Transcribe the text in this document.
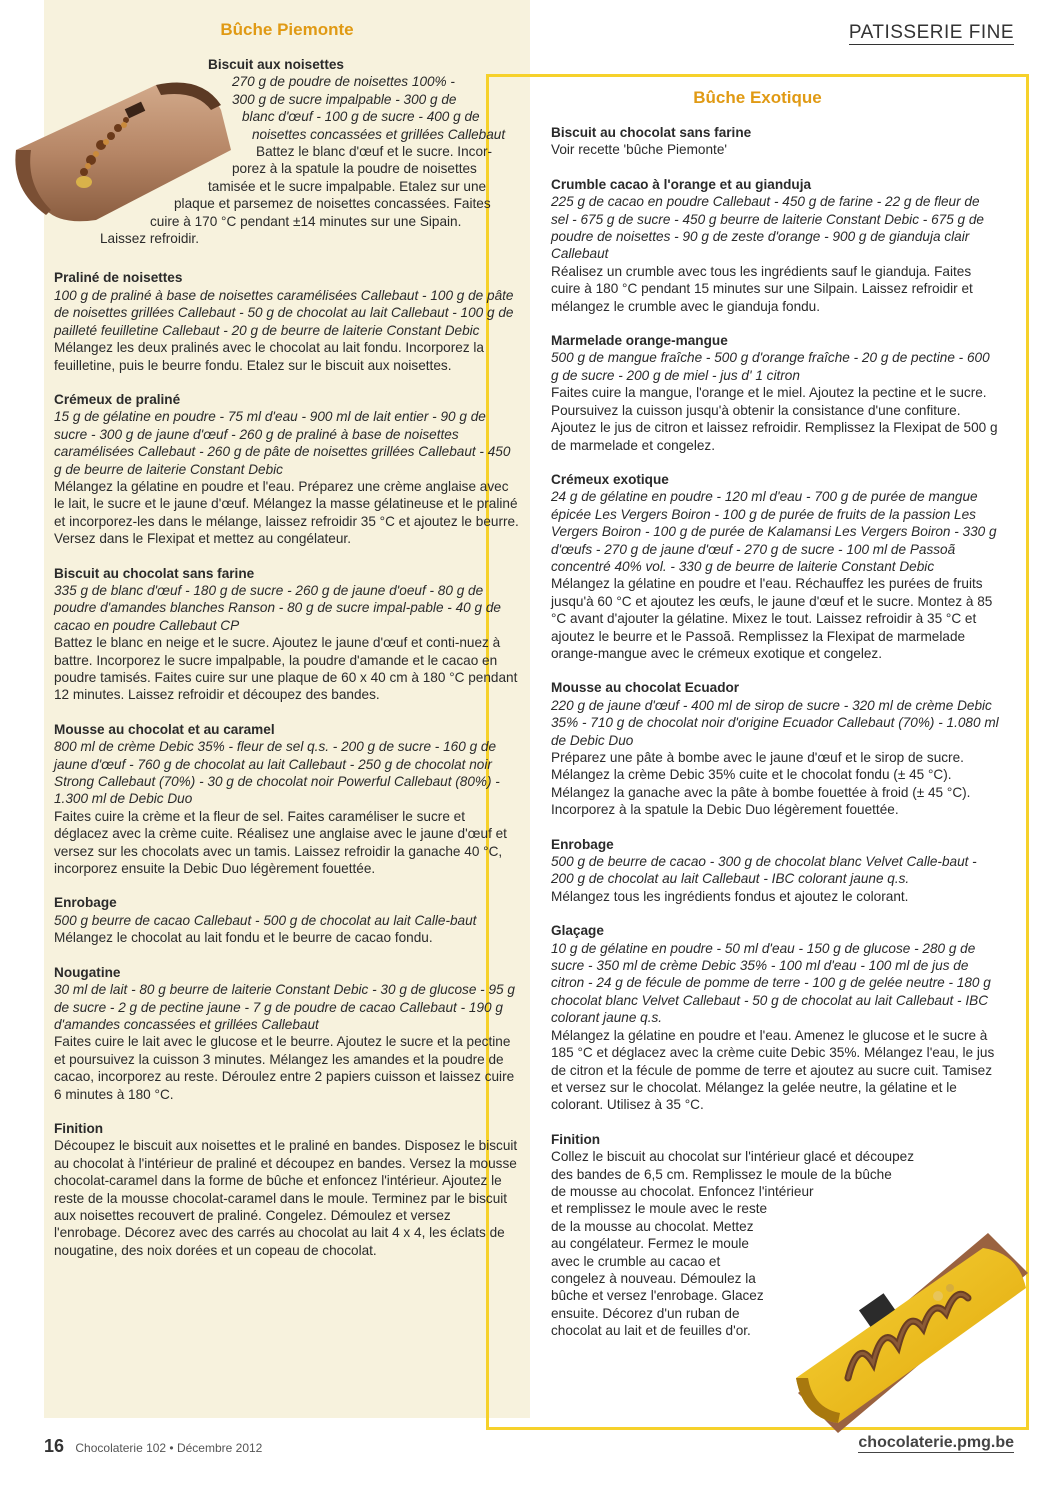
PATISSERIE FINE
Bûche Piemonte
Biscuit aux noisettes
270 g de poudre de noisettes 100% -
300 g de sucre impalpable - 300 g de
blanc d'œuf - 100 g de sucre - 400 g de
noisettes concassées et grillées Callebaut
Battez le blanc d'œuf et le sucre. Incor-
porez à la spatule la poudre de noisettes
tamisée et le sucre impalpable. Etalez sur une
plaque et parsemez de noisettes concassées. Faites
cuire à 170 °C pendant ±14 minutes sur une Sipain.
Laissez refroidir.
Praliné de noisettes

100 g de praliné à base de noisettes caramélisées Callebaut - 100 g de pâte de noisettes grillées Callebaut - 50 g de chocolat au lait Callebaut - 100 g de pailleté feuilletine Callebaut - 20 g de beurre de laiterie Constant Debic

Mélangez les deux pralinés avec le chocolat au lait fondu. Incorporez la feuilletine, puis le beurre fondu. Etalez sur le biscuit aux noisettes.

Crémeux de praliné

15 g de gélatine en poudre - 75 ml d'eau - 900 ml de lait entier - 90 g de sucre - 300 g de jaune d'œuf - 260 g de praliné à base de noisettes caramélisées Callebaut - 260 g de pâte de noisettes grillées Callebaut - 450 g de beurre de laiterie Constant Debic

Mélangez la gélatine en poudre et l'eau. Préparez une crème anglaise avec le lait, le sucre et le jaune d'œuf. Mélangez la masse gélatineuse et le praliné et incorporez-les dans le mélange, laissez refroidir 35 °C et ajoutez le beurre. Versez dans le Flexipat et mettez au congélateur.

Biscuit au chocolat sans farine

335 g de blanc d'œuf - 180 g de sucre - 260 g de jaune d'oeuf - 80 g de poudre d'amandes blanches Ranson - 80 g de sucre impal-pable - 40 g de cacao en poudre Callebaut CP

Battez le blanc en neige et le sucre. Ajoutez le jaune d'œuf et conti-nuez à battre. Incorporez le sucre impalpable, la poudre d'amande et le cacao en poudre tamisés. Faites cuire sur une plaque de 60 x 40 cm à 180 °C pendant 12 minutes. Laissez refroidir et découpez des bandes.

Mousse au chocolat et au caramel

800 ml de crème Debic 35% - fleur de sel q.s. - 200 g de sucre - 160 g de jaune d'œuf - 760 g de chocolat au lait Callebaut - 250 g de chocolat noir Strong Callebaut (70%) - 30 g de chocolat noir Powerful Callebaut (80%) - 1.300 ml de Debic Duo

Faites cuire la crème et la fleur de sel. Faites caraméliser le sucre et déglacez avec la crème cuite. Réalisez une anglaise avec le jaune d'œuf et versez sur les chocolats avec un tamis. Laissez refroidir la ganache 40 °C, incorporez ensuite la Debic Duo légèrement fouettée.

Enrobage

500 g beurre de cacao Callebaut - 500 g de chocolat au lait Calle-baut

Mélangez le chocolat au lait fondu et le beurre de cacao fondu.

Nougatine

30 ml de lait - 80 g beurre de laiterie Constant Debic - 30 g de glucose - 95 g de sucre - 2 g de pectine jaune - 7 g de poudre de cacao Callebaut - 190 g d'amandes concassées et grillées Callebaut

Faites cuire le lait avec le glucose et le beurre. Ajoutez le sucre et la pectine et poursuivez la cuisson 3 minutes. Mélangez les amandes et la poudre de cacao, incorporez au reste. Déroulez entre 2 papiers cuisson et laissez cuire 6 minutes à 180 °C.

Finition

Découpez le biscuit aux noisettes et le praliné en bandes. Disposez le biscuit au chocolat à l'intérieur de praliné et découpez en bandes. Versez la mousse chocolat-caramel dans la forme de bûche et enfoncez l'intérieur. Ajoutez le reste de la mousse chocolat-caramel dans le moule. Terminez par le biscuit aux noisettes recouvert de praliné. Congelez. Démoulez et versez l'enrobage. Décorez avec des carrés au chocolat au lait 4 x 4, les éclats de nougatine, des noix dorées et un copeau de chocolat.

Bûche Exotique
Biscuit au chocolat sans farine

Voir recette 'bûche Piemonte'

Crumble cacao à l'orange et au gianduja

225 g de cacao en poudre Callebaut - 450 g de farine - 22 g de fleur de sel - 675 g de sucre - 450 g beurre de laiterie Constant Debic - 675 g de poudre de noisettes - 90 g de zeste d'orange - 900 g de gianduja clair Callebaut

Réalisez un crumble avec tous les ingrédients sauf le gianduja. Faites cuire à 180 °C pendant 15 minutes sur une Silpain. Laissez refroidir et mélangez le crumble avec le gianduja fondu.

Marmelade orange-mangue

500 g de mangue fraîche - 500 g d'orange fraîche - 20 g de pectine - 600 g de sucre - 200 g de miel - jus d' 1 citron

Faites cuire la mangue, l'orange et le miel. Ajoutez la pectine et le sucre. Poursuivez la cuisson jusqu'à obtenir la consistance d'une confiture. Ajoutez le jus de citron et laissez refroidir. Remplissez la Flexipat de 500 g de marmelade et congelez.

Crémeux exotique

24 g de gélatine en poudre - 120 ml d'eau - 700 g de purée de mangue épicée Les Vergers Boiron - 100 g de purée de fruits de la passion Les Vergers Boiron - 100 g de purée de Kalamansi Les Vergers Boiron - 330 g d'œufs - 270 g de jaune d'œuf - 270 g de sucre - 100 ml de Passoã concentré 40% vol. - 330 g de beurre de laiterie Constant Debic

Mélangez la gélatine en poudre et l'eau. Réchauffez les purées de fruits jusqu'à 60 °C et ajoutez les œufs, le jaune d'œuf et le sucre. Montez à 85 °C avant d'ajouter la gélatine. Mixez le tout. Laissez refroidir à 35 °C et ajoutez le beurre et le Passoã. Remplissez la Flexipat de marmelade orange-mangue avec le crémeux exotique et congelez.

Mousse au chocolat Ecuador

220 g de jaune d'œuf - 400 ml de sirop de sucre - 320 ml de crème Debic 35% - 710 g de chocolat noir d'origine Ecuador Callebaut (70%) - 1.080 ml de Debic Duo

Préparez une pâte à bombe avec le jaune d'œuf et le sirop de sucre. Mélangez la crème Debic 35% cuite et le chocolat fondu (± 45 °C). Mélangez la ganache avec la pâte à bombe fouettée à froid (± 45 °C). Incorporez à la spatule la Debic Duo légèrement fouettée.

Enrobage

500 g de beurre de cacao - 300 g de chocolat blanc Velvet Calle-baut - 200 g de chocolat au lait Callebaut - IBC colorant jaune q.s.

Mélangez tous les ingrédients fondus et ajoutez le colorant.

Glaçage

10 g de gélatine en poudre - 50 ml d'eau - 150 g de glucose - 280 g de sucre - 350 ml de crème Debic 35% - 100 ml d'eau - 100 ml de jus de citron - 24 g de fécule de pomme de terre - 100 g de gelée neutre - 180 g chocolat blanc Velvet Callebaut - 50 g de chocolat au lait Callebaut - IBC colorant jaune q.s.

Mélangez la gélatine en poudre et l'eau. Amenez le glucose et le sucre à 185 °C et déglacez avec la crème cuite Debic 35%. Mélangez l'eau, le jus de citron et la fécule de pomme de terre et ajoutez au sucre cuit. Tamisez et versez sur le chocolat. Mélangez la gelée neutre, la gélatine et le colorant. Utilisez à 35 °C.

Finition
Collez le biscuit au chocolat sur l'intérieur glacé et découpez
des bandes de 6,5 cm. Remplissez le moule de la bûche
de mousse au chocolat. Enfoncez l'intérieur
et remplissez le moule avec le reste
de la mousse au chocolat. Mettez
au congélateur. Fermez le moule
avec le crumble au cacao et
congelez à nouveau. Démoulez la
bûche et versez l'enrobage. Glacez
ensuite. Décorez d'un ruban de
chocolat au lait et de feuilles d'or.
16 Chocolaterie 102 • Décembre 2012	chocolaterie.pmg.be
